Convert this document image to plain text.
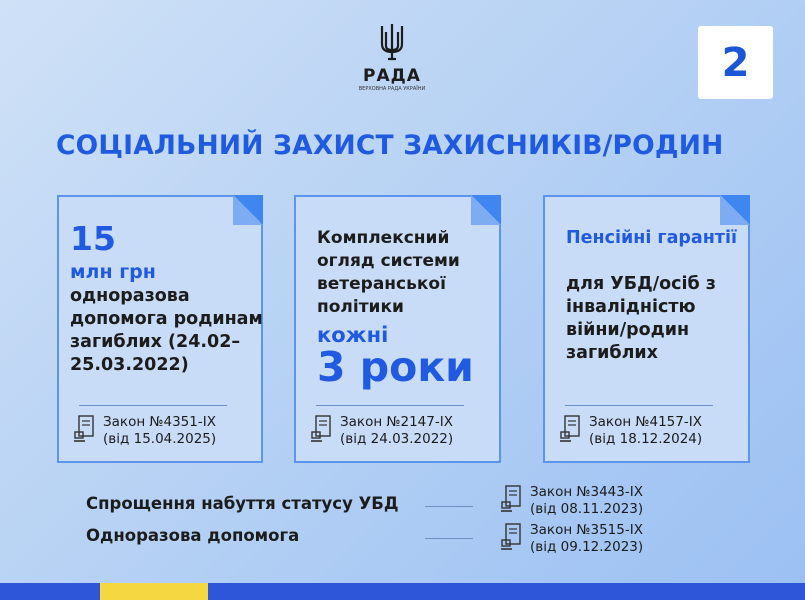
РАДА
ВЕРХОВНА РАДА УКРАЇНИ
2
СОЦІАЛЬНИЙ ЗАХИСТ ЗАХИСНИКІВ/РОДИН
15
млн грн
одноразова допомога родинам загиблих (24.02–25.03.2022)
Закон №4351-IX
(від 15.04.2025)
Комплексний огляд системи ветеранської політики
кожні
3 роки
Закон №2147-IX
(від 24.03.2022)
Пенсійні гарантії
для УБД/осіб з інвалідністю війни/родин загиблих
Закон №4157-IX
(від 18.12.2024)
Спрощення набуття статусу УБД
Закон №3443-IX
(від 08.11.2023)
Одноразова допомога	Закон №3515-IX
(від 09.12.2023)
